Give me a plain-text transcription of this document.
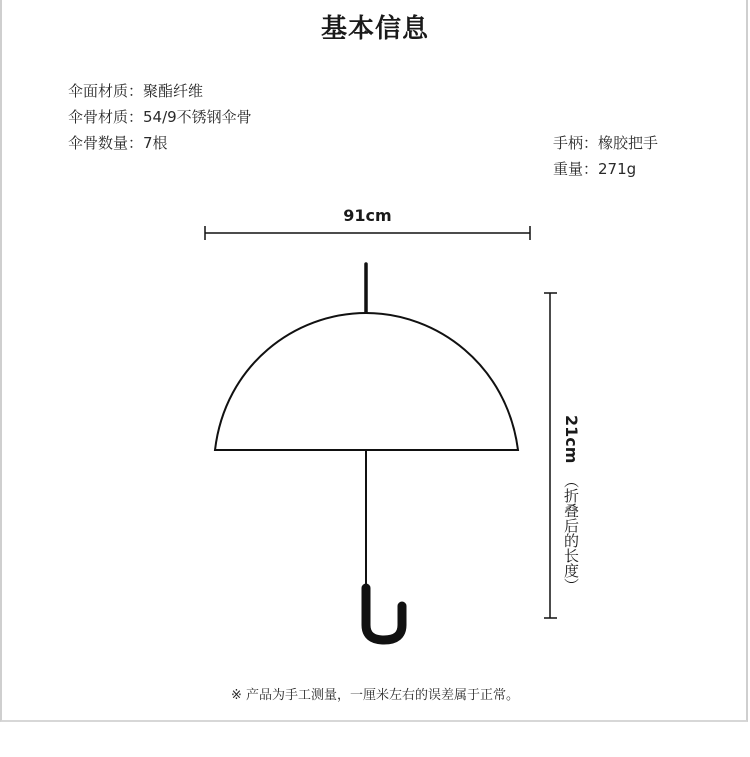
基本信息
伞面材质：聚酯纤维
伞骨材质：54/9不锈钢伞骨
伞骨数量：7根	手柄：橡胶把手
重量：271g
91cm
21cm（折叠后的长度）
※ 产品为手工测量，一厘米左右的误差属于正常。
